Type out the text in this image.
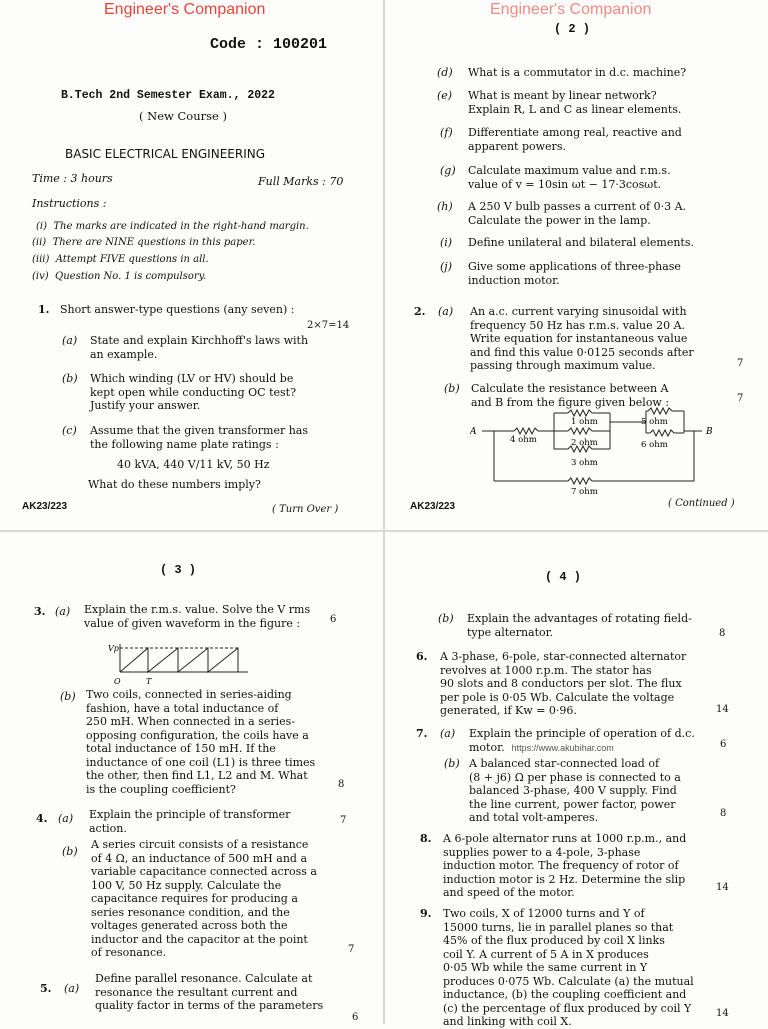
Engineer's Companion
Code : 100201
B.Tech 2nd Semester Exam., 2022
( New Course )
BASIC ELECTRICAL ENGINEERING
Time : 3 hours	Full Marks : 70
Instructions :
(i) The marks are indicated in the right-hand margin.
(ii) There are NINE questions in this paper.
(iii) Attempt FIVE questions in all.
(iv) Question No. 1 is compulsory.
1. Short answer-type questions (any seven) :
2×7=14
(a) State and explain Kirchhoff's laws with
an example.
(b) Which winding (LV or HV) should be
kept open while conducting OC test?
Justify your answer.
(c) Assume that the given transformer has
the following name plate ratings :
40 kVA, 440 V/11 kV, 50 Hz
What do these numbers imply?
AK23/223	( Turn Over )
Engineer's Companion
( 2 )
(d) What is a commutator in d.c. machine?
(e) What is meant by linear network?
Explain R, L and C as linear elements.
(f) Differentiate among real, reactive and
apparent powers.
(g) Calculate maximum value and r.m.s.
value of v = 10sin ωt − 17·3cosωt.
(h) A 250 V bulb passes a current of 0·3 A.
Calculate the power in the lamp.
(i) Define unilateral and bilateral elements.
(j) Give some applications of three-phase
induction motor.
2. (a) An a.c. current varying sinusoidal with
frequency 50 Hz has r.m.s. value 20 A.
Write equation for instantaneous value
and find this value 0·0125 seconds after
passing through maximum value.	7
(b) Calculate the resistance between A
and B from the figure given below :	7
A	B
4 ohm
1 ohm
2 ohm
3 ohm
5 ohm
6 ohm
7 ohm
AK23/223	( Continued )
( 3 )
3. (a) Explain the r.m.s. value. Solve the V rms
value of given waveform in the figure :	6
Vp
O	T
(b) Two coils, connected in series-aiding
fashion, have a total inductance of
250 mH. When connected in a series-
opposing configuration, the coils have a
total inductance of 150 mH. If the
inductance of one coil (L1) is three times
the other, then find L1, L2 and M. What
is the coupling coefficient?	8
4. (a) Explain the principle of transformer
action.
7
(b)
A series circuit consists of a resistance
of 4 Ω, an inductance of 500 mH and a
variable capacitance connected across a
100 V, 50 Hz supply. Calculate the
capacitance requires for producing a
series resonance condition, and the
voltages generated across both the
inductor and the capacitor at the point
of resonance.	7
5. (a)
Define parallel resonance. Calculate at
resonance the resultant current and
quality factor in terms of the parameters
6
( 4 )
(b) Explain the advantages of rotating field-
type alternator.	8
6. A 3-phase, 6-pole, star-connected alternator
revolves at 1000 r.p.m. The stator has
90 slots and 8 conductors per slot. The flux
per pole is 0·05 Wb. Calculate the voltage
generated, if Kw = 0·96.	14
7. (a) Explain the principle of operation of d.c.
motor. https://www.akubihar.com	6
(b) A balanced star-connected load of
(8 + j6) Ω per phase is connected to a
balanced 3-phase, 400 V supply. Find
the line current, power factor, power
and total volt-amperes.	8
8. A 6-pole alternator runs at 1000 r.p.m., and
supplies power to a 4-pole, 3-phase
induction motor. The frequency of rotor of
induction motor is 2 Hz. Determine the slip
and speed of the motor.	14
9. Two coils, X of 12000 turns and Y of
15000 turns, lie in parallel planes so that
45% of the flux produced by coil X links
coil Y. A current of 5 A in X produces
0·05 Wb while the same current in Y
produces 0·075 Wb. Calculate (a) the mutual
inductance, (b) the coupling coefficient and
(c) the percentage of flux produced by coil Y
and linking with coil X.
14
